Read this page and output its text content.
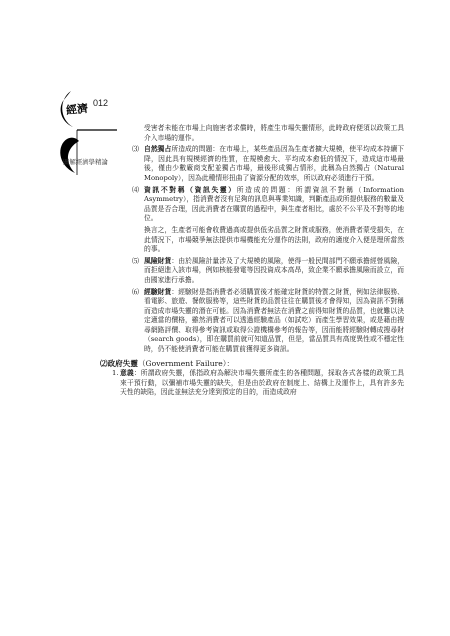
經濟 012
圖解經濟學精論

受害者未能在市場上向施害者求償時，將產生市場失靈情形，此時政府便須以政策工具介入市場的運作。

⑶ 自然獨占所造成的問題：在市場上，某些產品因為生產者擴大規模，使平均成本持續下降，因此具有規模經濟的性質，在規模愈大、平均成本愈低的情況下，造成這市場最後，僅由少數廠商支配並獨占市場，最後形成獨占情形，此稱為自然獨占（Natural Monopoly），因為此種情形扭曲了資源分配的效率，所以政府必須進行干預。

⑷ 資訊不對稱（資訊失靈）所造成的問題：所謂資訊不對稱（Information Asymmetry），指消費者沒有足夠的訊息與專業知識，判斷產品或所提供服務的數量及品質是否合理，因此消費者在購買的過程中，與生產者相比，處於不公平及不對等的地位。

換言之，生產者可能會收費過高或提供低劣品質之財貨或服務，使消費者蒙受損失，在此情況下，市場競爭無法提供市場機能充分運作的法則，政府的適度介入便是理所當然的事。

⑸ 風險財貨：由於風險計量涉及了大規模的風險，使得一般民間部門不願承擔經營風險，而拒絕進入該市場，例如核能發電等因投資成本高昂，致企業不願承擔風險而設立，而由國家進行承擔。

⑹ 經驗財貨：經驗財是指消費者必須購買後才能確定財貨的特質之財貨，例如法律服務、看電影、旅遊、餐飲服務等，這些財貨的品質往往在購買後才會得知，因為資訊不對稱而造成市場失靈的潛在可能。因為消費者無法在消費之前得知財貨的品質，也就難以決定適當的價格，雖然消費者可以透過經驗產品（如試吃）而產生學習效果，或是藉由搜尋網路評價、取得參考資訊或取得公證機構參考的報告等，因而能將經驗財轉成搜尋財（search goods），即在購買前就可知道品質，但是，當品質具有高度異性或不穩定性時，仍不能使消費者可能在購買前獲得更多資訊。

⑵政府失靈（Government Failure）：
1. 意義：所謂政府失靈，係指政府為解決市場失靈所產生的各種問題，採取各式各樣的政策工具來干預行動，以彌補市場失靈的缺失，但是由於政府在制度上、結構上及運作上，具有許多先天性的缺陷，因此並無法充分達到預定的目的，而造成政府
